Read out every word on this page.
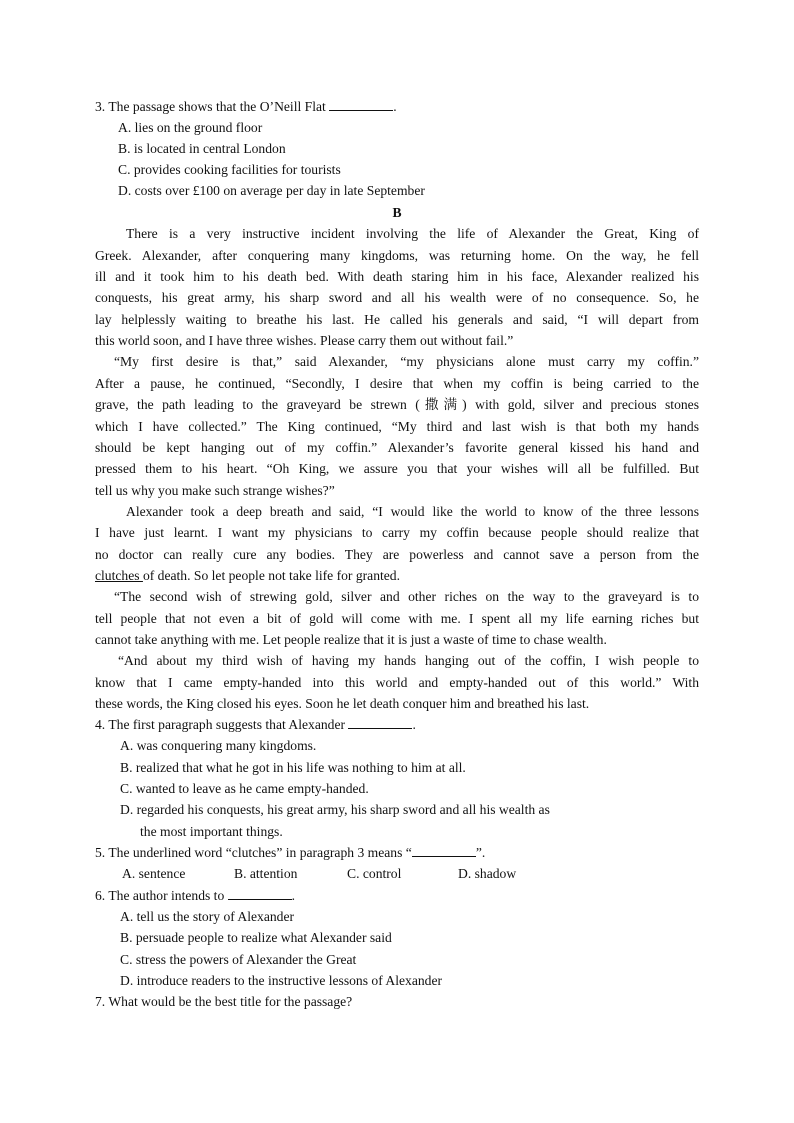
3. The passage shows that the O’Neill Flat	.
A. lies on the ground floor
B. is located in central London
C. provides cooking facilities for tourists
D. costs over £100 on average per day in late September
B
There is a very instructive incident involving the life of Alexander the Great, King of
Greek. Alexander, after conquering many kingdoms, was returning home. On the way, he fell
ill and it took him to his death bed. With death staring him in his face, Alexander realized his
conquests, his great army, his sharp sword and all his wealth were of no consequence. So, he
lay helplessly waiting to breathe his last. He called his generals and said, “I will depart from
this world soon, and I have three wishes. Please carry them out without fail.”
“My first desire is that,” said Alexander, “my physicians alone must carry my coffin.”
After a pause, he continued, “Secondly, I desire that when my coffin is being carried to the
grave, the path leading to the graveyard be strewn (撒满) with gold, silver and precious stones
which I have collected.” The King continued, “My third and last wish is that both my hands
should be kept hanging out of my coffin.” Alexander’s favorite general kissed his hand and
pressed them to his heart. “Oh King, we assure you that your wishes will all be fulfilled. But
tell us why you make such strange wishes?”
Alexander took a deep breath and said, “I would like the world to know of the three lessons
I have just learnt. I want my physicians to carry my coffin because people should realize that
no doctor can really cure any bodies. They are powerless and cannot save a person from the
clutches of death. So let people not take life for granted.
“The second wish of strewing gold, silver and other riches on the way to the graveyard is to
tell people that not even a bit of gold will come with me. I spent all my life earning riches but
cannot take anything with me. Let people realize that it is just a waste of time to chase wealth.
“And about my third wish of having my hands hanging out of the coffin, I wish people to
know that I came empty-handed into this world and empty-handed out of this world.” With
these words, the King closed his eyes. Soon he let death conquer him and breathed his last.
4. The first paragraph suggests that Alexander	.
A. was conquering many kingdoms.
B. realized that what he got in his life was nothing to him at all.
C. wanted to leave as he came empty-handed.
D. regarded his conquests, his great army, his sharp sword and all his wealth as
the most important things.
5. The underlined word “clutches” in paragraph 3 means “	”.
A. sentence	B. attention	C. control	D. shadow
6. The author intends to	.
A. tell us the story of Alexander
B. persuade people to realize what Alexander said
C. stress the powers of Alexander the Great
D. introduce readers to the instructive lessons of Alexander
7. What would be the best title for the passage?
